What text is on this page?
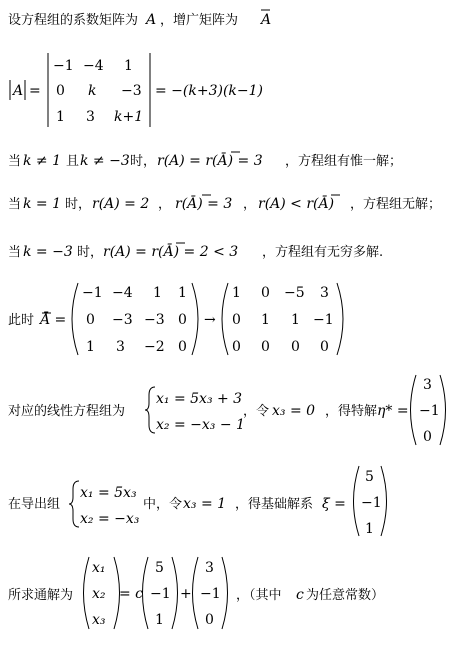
设方程组的系数矩阵为 A ，增广矩阵为 A
A =
−1 −4 1
0 k −3
1 3 k+1
= −(k+3)(k−1)
当 k ≠ 1 且 k ≠ −3 时， r(A) = r(Ā) = 3 ，方程组有惟一解；
当 k = 1 时， r(A) = 2 ， r(Ā) = 3 ， r(A) < r(Ā) ，方程组无解；
当 k = −3 时， r(A) = r(Ā) = 2 < 3 ，方程组有无穷多解.
此时 Ā =
−1 −4 1 1
0 −3 −3 0
1 3 −2 0
→
1 0 −5 3
0 1 1 −1
0 0 0 0
对应的线性方程组为
x₁ = 5x₃ + 3
x₂ = −x₃ − 1
，令 x₃ = 0 ，得特解 η* =
3
−1
0
在导出组
x₁ = 5x₃
x₂ = −x₃
中，令 x₃ = 1 ，得基础解系 ξ =
5
−1
1
所求通解为
x₁
x₂
x₃
= c
5
−1
1
+
3
−1
0
，（其中 c 为任意常数）
